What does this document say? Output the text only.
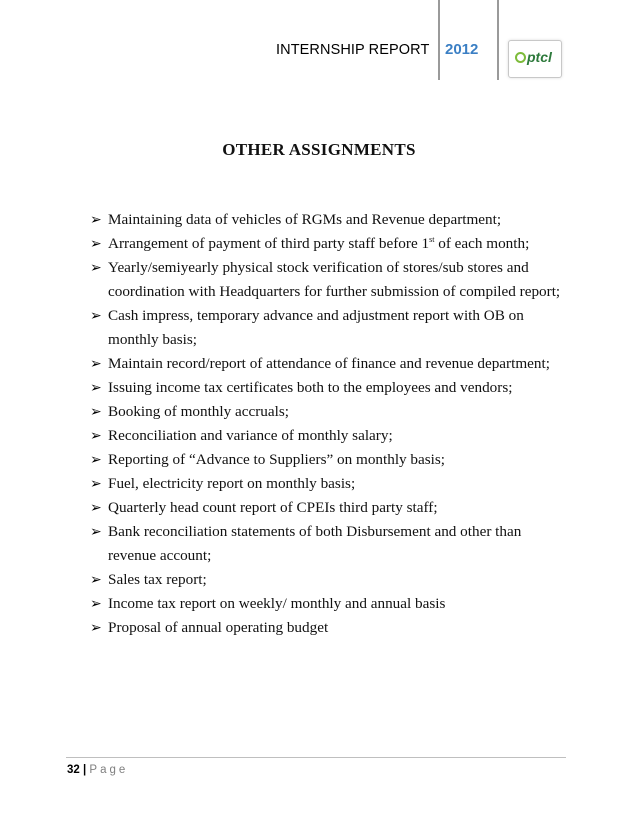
INTERNSHIP REPORT 2012	ptcl
OTHER ASSIGNMENTS
➢ Maintaining data of vehicles of RGMs and Revenue department;
➢ Arrangement of payment of third party staff before 1st of each month;
➢ Yearly/semiyearly physical stock verification of stores/sub stores and coordination with Headquarters for further submission of compiled report;
➢ Cash impress, temporary advance and adjustment report with OB on monthly basis;
➢ Maintain record/report of attendance of finance and revenue department;
➢ Issuing income tax certificates both to the employees and vendors;
➢ Booking of monthly accruals;
➢ Reconciliation and variance of monthly salary;
➢ Reporting of “Advance to Suppliers” on monthly basis;
➢ Fuel, electricity report on monthly basis;
➢ Quarterly head count report of CPEIs third party staff;
➢ Bank reconciliation statements of both Disbursement and other than revenue account;
➢ Sales tax report;
➢ Income tax report on weekly/ monthly and annual basis
➢ Proposal of annual operating budget
32 | Page
